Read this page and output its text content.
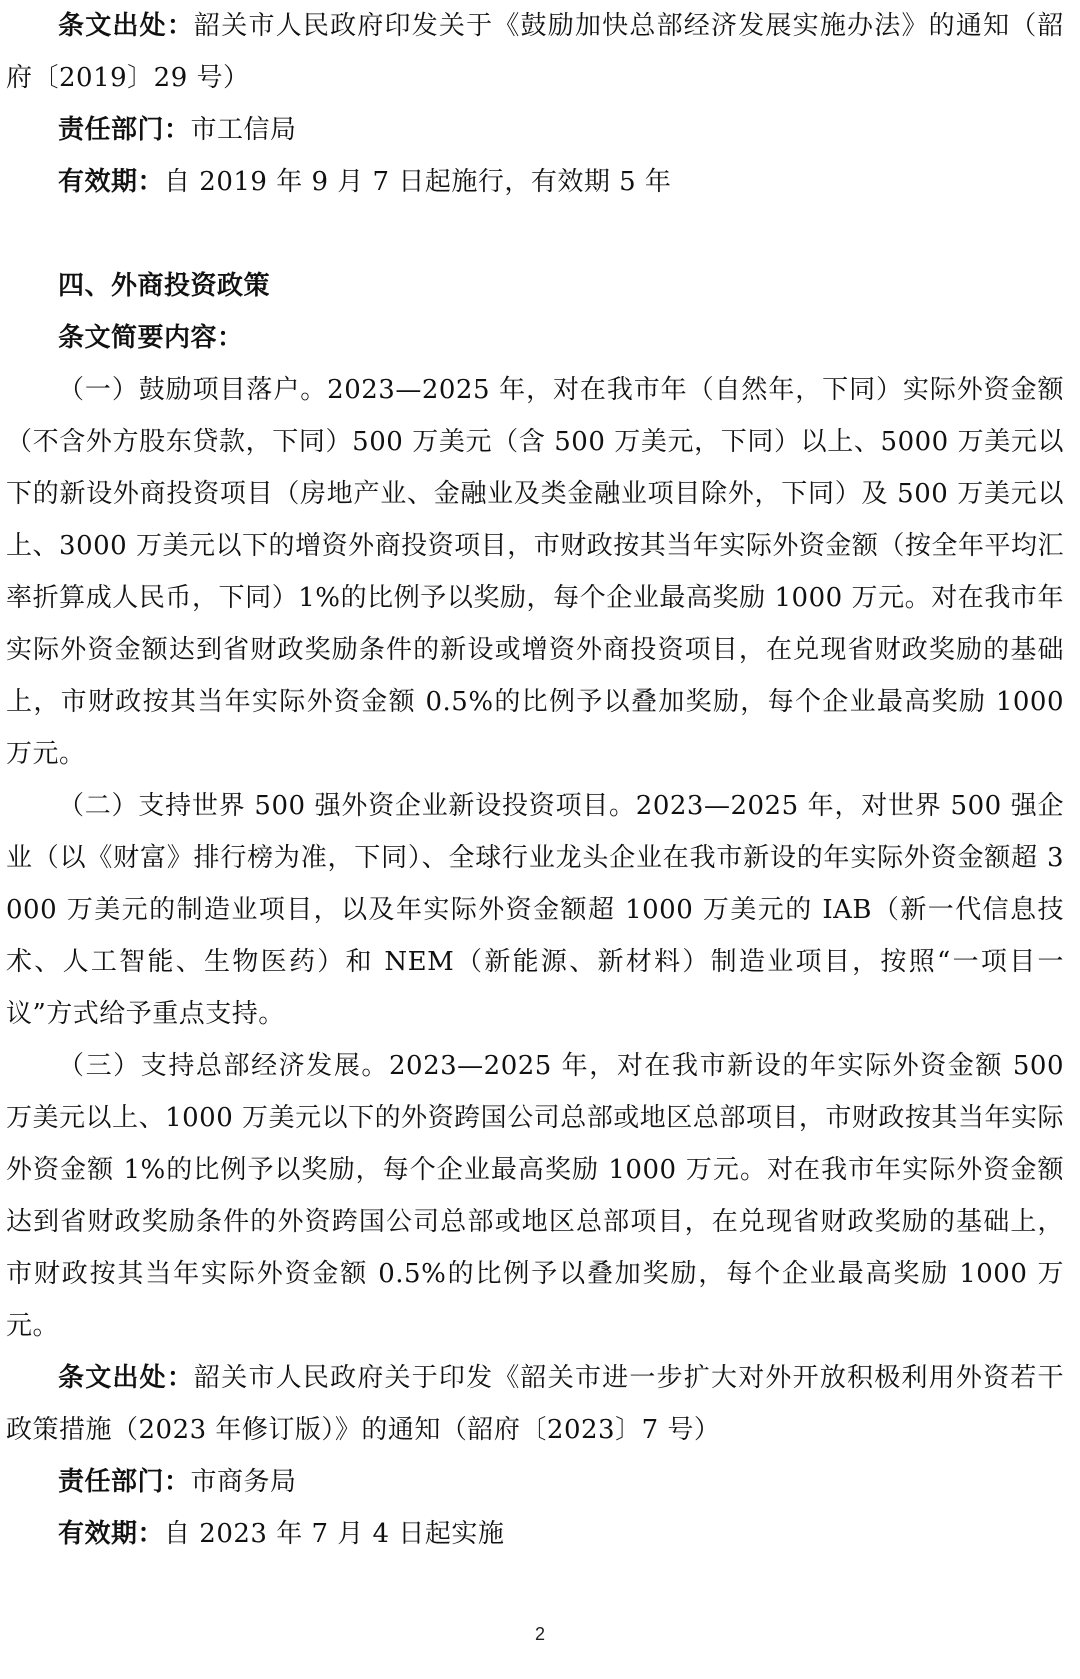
条文出处：韶关市人民政府印发关于《鼓励加快总部经济发展实施办法》的通知（韶府〔2019〕29 号）

责任部门：市工信局

有效期：自 2019 年 9 月 7 日起施行，有效期 5 年

四、外商投资政策

条文简要内容：

（一）鼓励项目落户。2023—2025 年，对在我市年（自然年，下同）实际外资金额（不含外方股东贷款，下同）500 万美元（含 500 万美元，下同）以上、5000 万美元以下的新设外商投资项目（房地产业、金融业及类金融业项目除外，下同）及 500 万美元以上、3000 万美元以下的增资外商投资项目，市财政按其当年实际外资金额（按全年平均汇率折算成人民币，下同）1%的比例予以奖励，每个企业最高奖励 1000 万元。对在我市年实际外资金额达到省财政奖励条件的新设或增资外商投资项目，在兑现省财政奖励的基础上，市财政按其当年实际外资金额 0.5%的比例予以叠加奖励，每个企业最高奖励 1000 万元。

（二）支持世界 500 强外资企业新设投资项目。2023—2025 年，对世界 500 强企业（以《财富》排行榜为准，下同）、全球行业龙头企业在我市新设的年实际外资金额超 3000 万美元的制造业项目，以及年实际外资金额超 1000 万美元的 IAB（新一代信息技术、人工智能、生物医药）和 NEM（新能源、新材料）制造业项目，按照“一项目一议”方式给予重点支持。

（三）支持总部经济发展。2023—2025 年，对在我市新设的年实际外资金额 500 万美元以上、1000 万美元以下的外资跨国公司总部或地区总部项目，市财政按其当年实际外资金额 1%的比例予以奖励，每个企业最高奖励 1000 万元。对在我市年实际外资金额达到省财政奖励条件的外资跨国公司总部或地区总部项目，在兑现省财政奖励的基础上，市财政按其当年实际外资金额 0.5%的比例予以叠加奖励，每个企业最高奖励 1000 万元。

条文出处：韶关市人民政府关于印发《韶关市进一步扩大对外开放积极利用外资若干政策措施（2023 年修订版）》的通知（韶府〔2023〕7 号）

责任部门：市商务局

有效期：自 2023 年 7 月 4 日起实施

2
